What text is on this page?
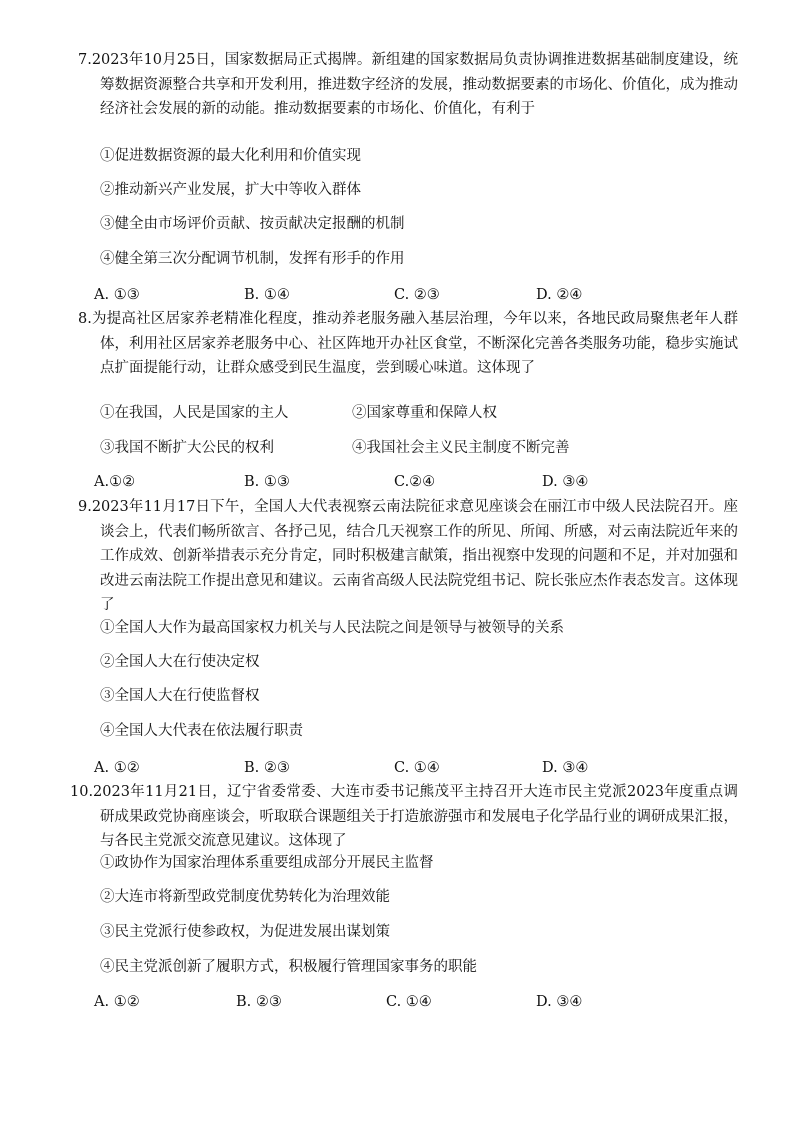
7.2023年10月25日，国家数据局正式揭牌。新组建的国家数据局负责协调推进数据基础制度建设，统筹数据资源整合共享和开发利用，推进数字经济的发展，推动数据要素的市场化、价值化，成为推动经济社会发展的新的动能。推动数据要素的市场化、价值化，有利于

①促进数据资源的最大化利用和价值实现
②推动新兴产业发展，扩大中等收入群体
③健全由市场评价贡献、按贡献决定报酬的机制
④健全第三次分配调节机制，发挥有形手的作用
A. ①③	B. ①④	C. ②③	D. ②④

8.为提高社区居家养老精准化程度，推动养老服务融入基层治理，今年以来，各地民政局聚焦老年人群体，利用社区居家养老服务中心、社区阵地开办社区食堂，不断深化完善各类服务功能，稳步实施试点扩面提能行动，让群众感受到民生温度，尝到暖心味道。这体现了

①在我国，人民是国家的主人	②国家尊重和保障人权
③我国不断扩大公民的权利	④我国社会主义民主制度不断完善
A.①②	B. ①③	C.②④	D. ③④

9.2023年11月17日下午，全国人大代表视察云南法院征求意见座谈会在丽江市中级人民法院召开。座谈会上，代表们畅所欲言、各抒己见，结合几天视察工作的所见、所闻、所感，对云南法院近年来的工作成效、创新举措表示充分肯定，同时积极建言献策，指出视察中发现的问题和不足，并对加强和改进云南法院工作提出意见和建议。云南省高级人民法院党组书记、院长张应杰作表态发言。这体现了

①全国人大作为最高国家权力机关与人民法院之间是领导与被领导的关系
②全国人大在行使决定权
③全国人大在行使监督权
④全国人大代表在依法履行职责
A. ①②	B. ②③	C. ①④	D. ③④

10.2023年11月21日，辽宁省委常委、大连市委书记熊茂平主持召开大连市民主党派2023年度重点调研成果政党协商座谈会，听取联合课题组关于打造旅游强市和发展电子化学品行业的调研成果汇报，与各民主党派交流意见建议。这体现了

①政协作为国家治理体系重要组成部分开展民主监督
②大连市将新型政党制度优势转化为治理效能
③民主党派行使参政权，为促进发展出谋划策
④民主党派创新了履职方式，积极履行管理国家事务的职能
A. ①②	B. ②③	C. ①④	D. ③④
